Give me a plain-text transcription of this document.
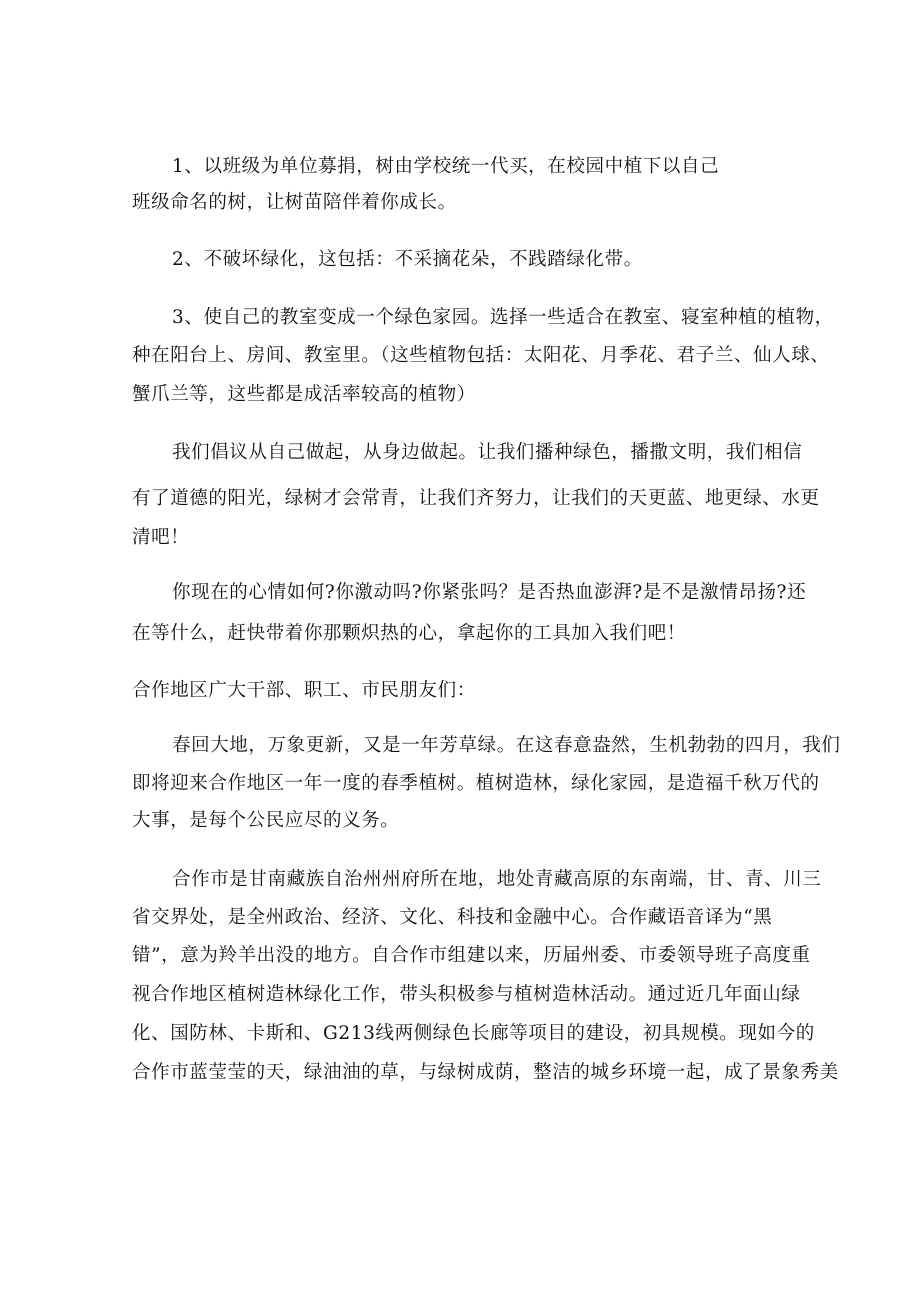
1、以班级为单位募捐，树由学校统一代买，在校园中植下以自己
班级命名的树，让树苗陪伴着你成长。
2、不破坏绿化，这包括：不采摘花朵，不践踏绿化带。
3、使自己的教室变成一个绿色家园。选择一些适合在教室、寝室种植的植物，
种在阳台上、房间、教室里。（这些植物包括：太阳花、月季花、君子兰、仙人球、
蟹爪兰等，这些都是成活率较高的植物）
我们倡议从自己做起，从身边做起。让我们播种绿色，播撒文明，我们相信
有了道德的阳光，绿树才会常青，让我们齐努力，让我们的天更蓝、地更绿、水更
清吧！
你现在的心情如何?你激动吗?你紧张吗？是否热血澎湃?是不是激情昂扬?还
在等什么，赶快带着你那颗炽热的心，拿起你的工具加入我们吧！
合作地区广大干部、职工、市民朋友们：
春回大地，万象更新，又是一年芳草绿。在这春意盎然，生机勃勃的四月，我们
即将迎来合作地区一年一度的春季植树。植树造林，绿化家园，是造福千秋万代的
大事，是每个公民应尽的义务。
合作市是甘南藏族自治州州府所在地，地处青藏高原的东南端，甘、青、川三
省交界处，是全州政治、经济、文化、科技和金融中心。合作藏语音译为“黑
错”，意为羚羊出没的地方。自合作市组建以来，历届州委、市委领导班子高度重
视合作地区植树造林绿化工作，带头积极参与植树造林活动。通过近几年面山绿
化、国防林、卡斯和、G213线两侧绿色长廊等项目的建设，初具规模。现如今的
合作市蓝莹莹的天，绿油油的草，与绿树成荫，整洁的城乡环境一起，成了景象秀美
